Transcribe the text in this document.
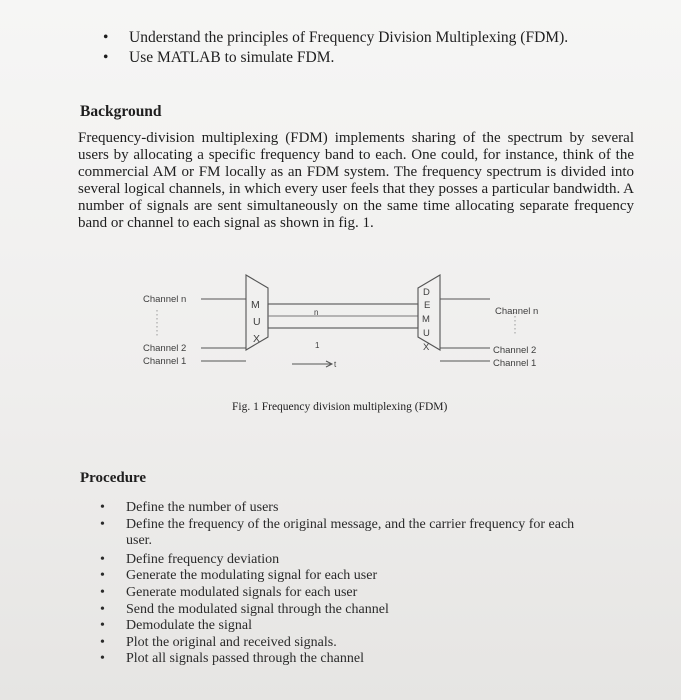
• Understand the principles of Frequency Division Multiplexing (FDM).
• Use MATLAB to simulate FDM.
Background

Frequency-division multiplexing (FDM) implements sharing of the spectrum by several users by allocating a specific frequency band to each. One could, for instance, think of the commercial AM or FM locally as an FDM system. The frequency spectrum is divided into several logical channels, in which every user feels that they posses a particular bandwidth. A number of signals are sent simultaneously on the same time allocating separate frequency band or channel to each signal as shown in fig. 1.

Channel n
Channel 2
Channel 1
Channel n
Channel 2
Channel 1
M
U
X
D
E
M
U
X
n
1
t
Fig. 1 Frequency division multiplexing (FDM)
Procedure
• Define the number of users
• Define the frequency of the original message, and the carrier frequency for each user.
• Define frequency deviation
• Generate the modulating signal for each user
• Generate modulated signals for each user
• Send the modulated signal through the channel
• Demodulate the signal
• Plot the original and received signals.
• Plot all signals passed through the channel
